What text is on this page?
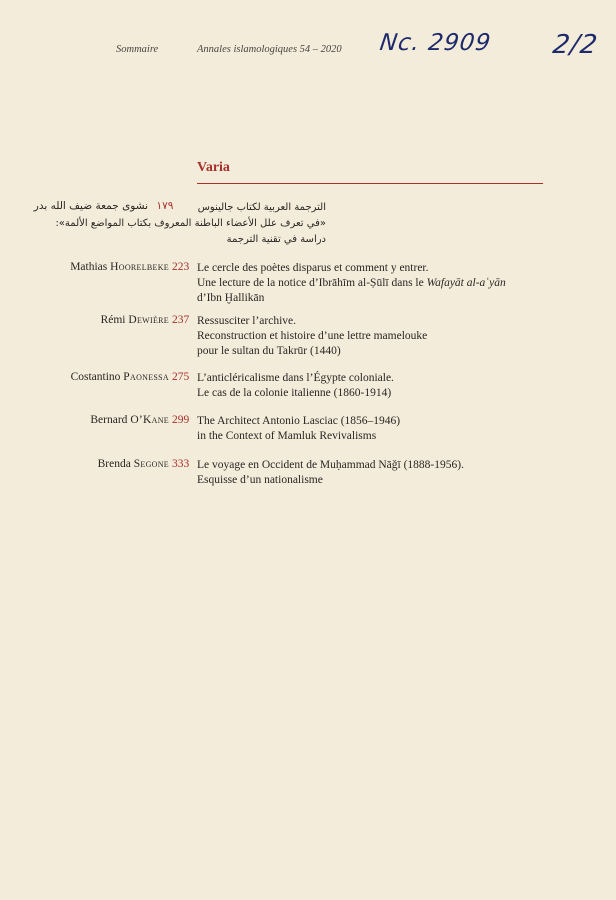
Sommaire	Annales islamologiques 54 – 2020 Nc. 2909 2/2
Varia
نشوى جمعة ضيف الله بدر ١٧٩	الترجمة العربية لكتاب جالينوس
«في تعرف علل الأعضاء الباطنة المعروف بكتاب المواضع الألمة»:
دراسة في تقنية الترجمة
Mathias Hoorelbeke 223 Le cercle des poètes disparus et comment y entrer.
Une lecture de la notice d’Ibrāhīm al-Ṣūlī dans le Wafayāt al-aʿyān
d’Ibn Ḫallikān
Rémi Dewière 237 Ressusciter l’archive.
Reconstruction et histoire d’une lettre mamelouke
pour le sultan du Takrūr (1440)
Costantino Paonessa 275 L’anticléricalisme dans l’Égypte coloniale.
Le cas de la colonie italienne (1860-1914)
Bernard O’Kane 299 The Architect Antonio Lasciac (1856–1946)
in the Context of Mamluk Revivalisms
Brenda Segone 333 Le voyage en Occident de Muḥammad Nāǧī (1888-1956).
Esquisse d’un nationalisme
